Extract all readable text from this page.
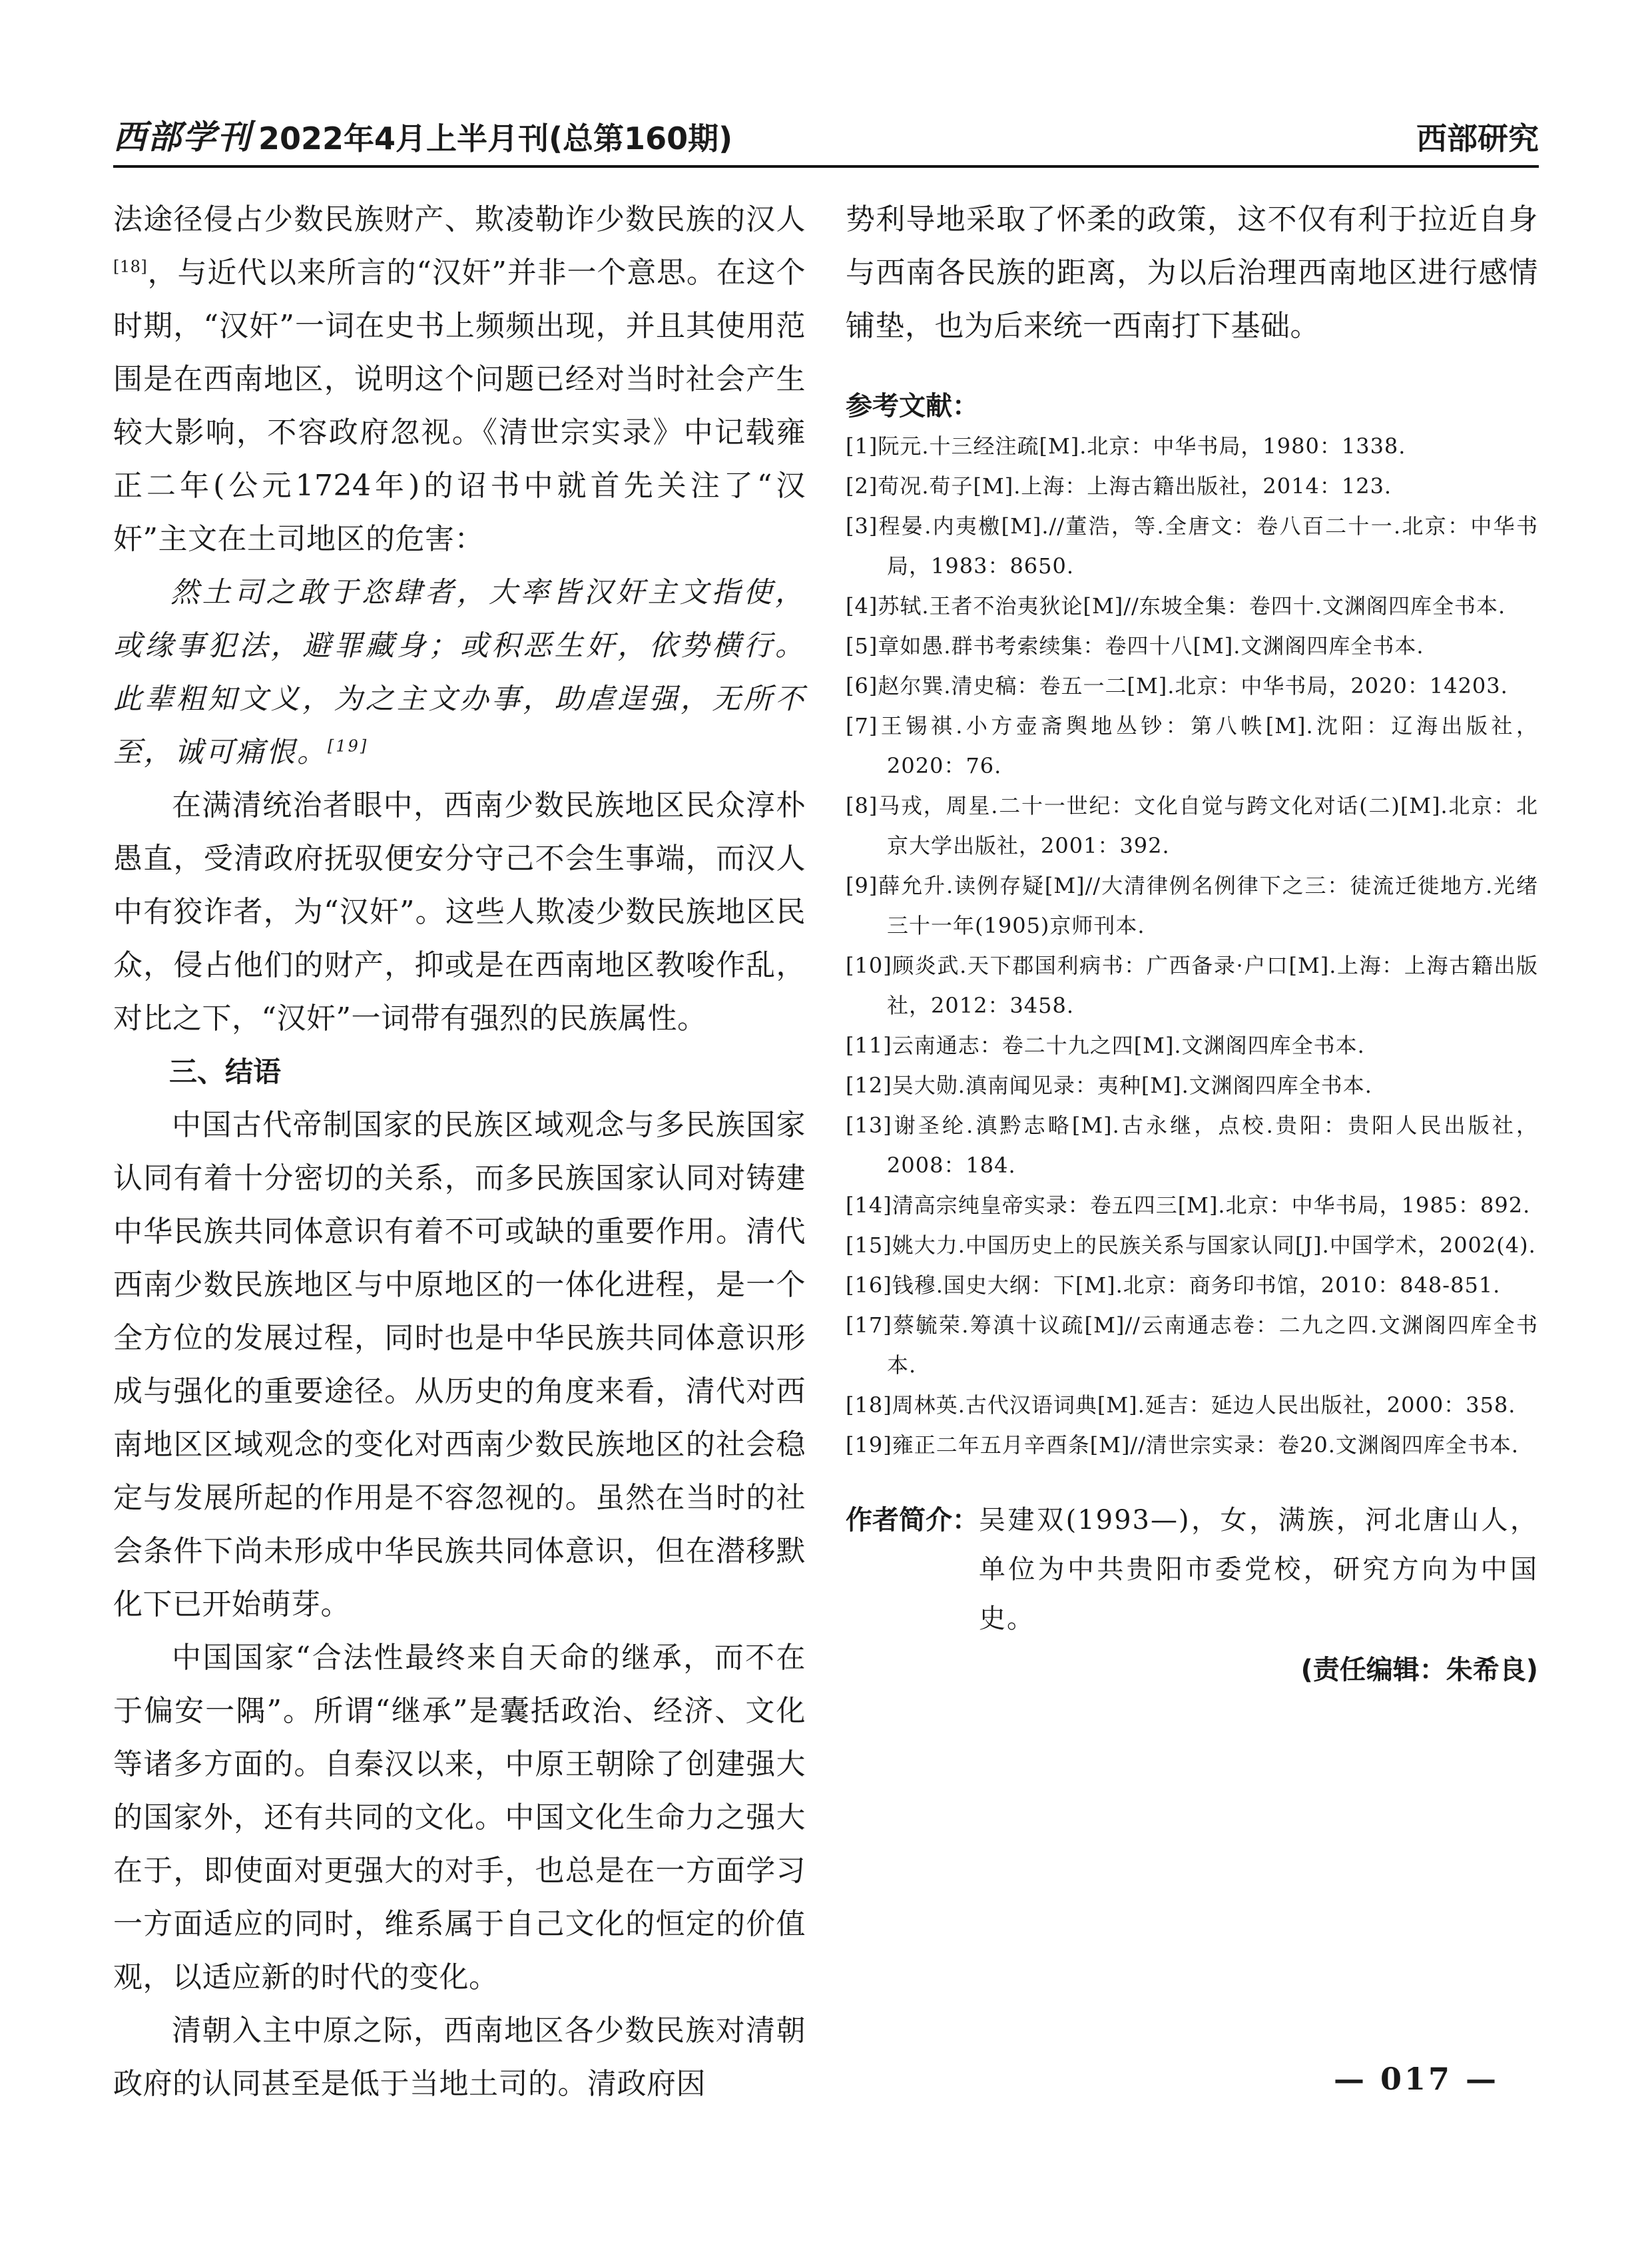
西部学刊 2022年4月上半月刊(总第160期)	西部研究

法途径侵占少数民族财产、欺凌勒诈少数民族的汉人[18]，与近代以来所言的“汉奸”并非一个意思。在这个时期，“汉奸”一词在史书上频频出现，并且其使用范围是在西南地区，说明这个问题已经对当时社会产生较大影响，不容政府忽视。《清世宗实录》中记载雍正二年(公元1724年)的诏书中就首先关注了“汉奸”主文在土司地区的危害：

然土司之敢于恣肆者，大率皆汉奸主文指使，或缘事犯法，避罪藏身；或积恶生奸，依势横行。此辈粗知文义，为之主文办事，助虐逞强，无所不至，诚可痛恨。[19]

在满清统治者眼中，西南少数民族地区民众淳朴愚直，受清政府抚驭便安分守己不会生事端，而汉人中有狡诈者，为“汉奸”。这些人欺凌少数民族地区民众，侵占他们的财产，抑或是在西南地区教唆作乱，对比之下，“汉奸”一词带有强烈的民族属性。

三、结语

中国古代帝制国家的民族区域观念与多民族国家认同有着十分密切的关系，而多民族国家认同对铸建中华民族共同体意识有着不可或缺的重要作用。清代西南少数民族地区与中原地区的一体化进程，是一个全方位的发展过程，同时也是中华民族共同体意识形成与强化的重要途径。从历史的角度来看，清代对西南地区区域观念的变化对西南少数民族地区的社会稳定与发展所起的作用是不容忽视的。虽然在当时的社会条件下尚未形成中华民族共同体意识，但在潜移默化下已开始萌芽。

中国国家“合法性最终来自天命的继承，而不在于偏安一隅”。所谓“继承”是囊括政治、经济、文化等诸多方面的。自秦汉以来，中原王朝除了创建强大的国家外，还有共同的文化。中国文化生命力之强大在于，即使面对更强大的对手，也总是在一方面学习一方面适应的同时，维系属于自己文化的恒定的价值观，以适应新的时代的变化。

清朝入主中原之际，西南地区各少数民族对清朝政府的认同甚至是低于当地土司的。清政府因

势利导地采取了怀柔的政策，这不仅有利于拉近自身与西南各民族的距离，为以后治理西南地区进行感情铺垫，也为后来统一西南打下基础。

参考文献：

[1]阮元.十三经注疏[M].北京：中华书局，1980：1338.

[2]荀况.荀子[M].上海：上海古籍出版社，2014：123.

[3]程晏.内夷檄[M].//董浩，等.全唐文：卷八百二十一.北京：中华书局，1983：8650.

[4]苏轼.王者不治夷狄论[M]//东坡全集：卷四十.文渊阁四库全书本.

[5]章如愚.群书考索续集：卷四十八[M].文渊阁四库全书本.

[6]赵尔巽.清史稿：卷五一二[M].北京：中华书局，2020：14203.

[7]王锡祺.小方壶斋舆地丛钞：第八帙[M].沈阳：辽海出版社，2020：76.

[8]马戎，周星.二十一世纪：文化自觉与跨文化对话(二)[M].北京：北京大学出版社，2001：392.

[9]薛允升.读例存疑[M]//大清律例名例律下之三：徒流迁徙地方.光绪三十一年(1905)京师刊本.

[10]顾炎武.天下郡国利病书：广西备录·户口[M].上海：上海古籍出版社，2012：3458.

[11]云南通志：卷二十九之四[M].文渊阁四库全书本.

[12]吴大勋.滇南闻见录：夷种[M].文渊阁四库全书本.

[13]谢圣纶.滇黔志略[M].古永继，点校.贵阳：贵阳人民出版社，2008：184.

[14]清高宗纯皇帝实录：卷五四三[M].北京：中华书局，1985：892.

[15]姚大力.中国历史上的民族关系与国家认同[J].中国学术，2002(4).

[16]钱穆.国史大纲：下[M].北京：商务印书馆，2010：848-851.

[17]蔡毓荣.筹滇十议疏[M]//云南通志卷：二九之四.文渊阁四库全书本.

[18]周林英.古代汉语词典[M].延吉：延边人民出版社，2000：358.

[19]雍正二年五月辛酉条[M]//清世宗实录：卷20.文渊阁四库全书本.

作者简介： 吴建双(1993—)，女，满族，河北唐山人，单位为中共贵阳市委党校，研究方向为中国史。
(责任编辑：朱希良)
— 017 —
